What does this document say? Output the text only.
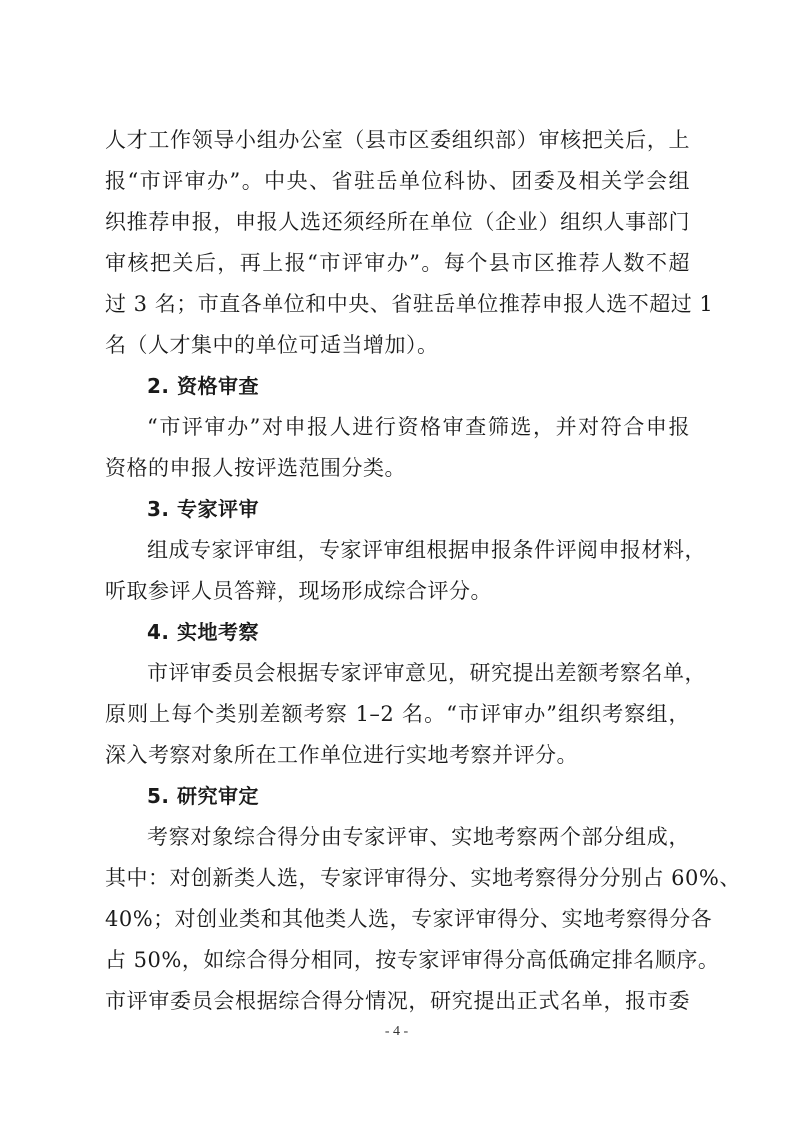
人才工作领导小组办公室（县市区委组织部）审核把关后，上
报“市评审办”。中央、省驻岳单位科协、团委及相关学会组
织推荐申报，申报人选还须经所在单位（企业）组织人事部门
审核把关后，再上报“市评审办”。每个县市区推荐人数不超
过 3 名；市直各单位和中央、省驻岳单位推荐申报人选不超过 1
名（人才集中的单位可适当增加）。
2. 资格审查
“市评审办”对申报人进行资格审查筛选，并对符合申报
资格的申报人按评选范围分类。
3. 专家评审
组成专家评审组，专家评审组根据申报条件评阅申报材料，
听取参评人员答辩，现场形成综合评分。
4. 实地考察
市评审委员会根据专家评审意见，研究提出差额考察名单，
原则上每个类别差额考察 1–2 名。“市评审办”组织考察组，
深入考察对象所在工作单位进行实地考察并评分。
5. 研究审定
考察对象综合得分由专家评审、实地考察两个部分组成，
其中：对创新类人选，专家评审得分、实地考察得分分别占 60%、
40%；对创业类和其他类人选，专家评审得分、实地考察得分各
占 50%，如综合得分相同，按专家评审得分高低确定排名顺序。
市评审委员会根据综合得分情况，研究提出正式名单，报市委
- 4 -
